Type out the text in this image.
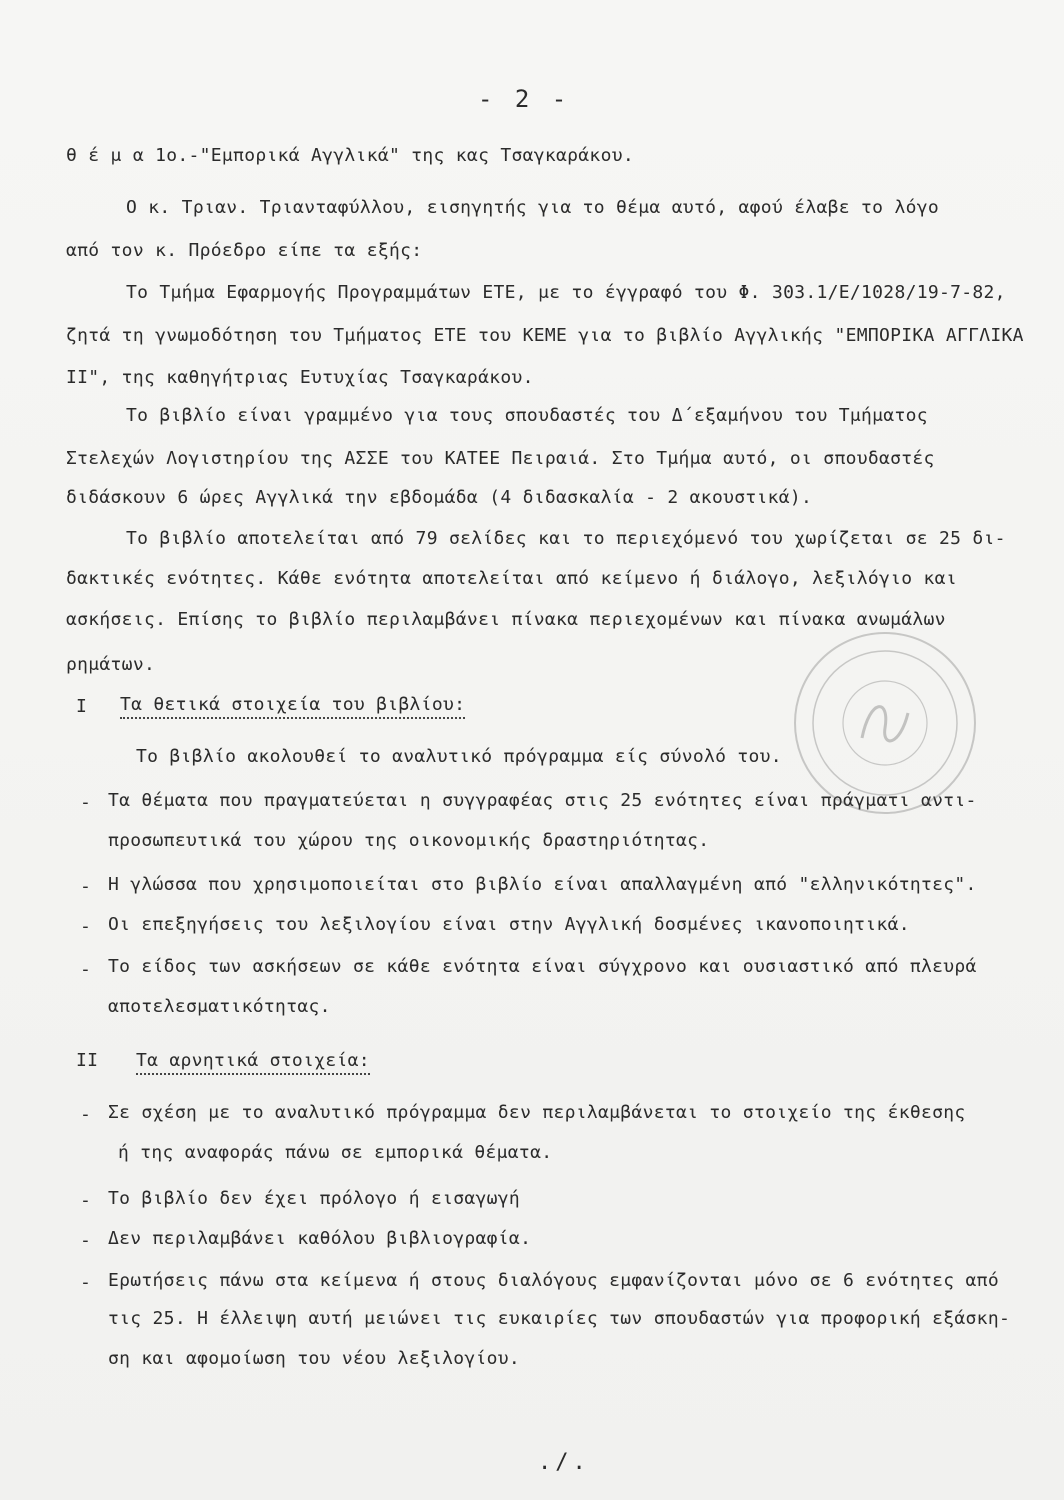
- 2 -
θ έ μ α 1ο.-"Εμπορικά Αγγλικά" της κας Τσαγκαράκου.
Ο κ. Τριαν. Τριανταφύλλου, εισηγητής για το θέμα αυτό, αφού έλαβε το λόγο
από τον κ. Πρόεδρο είπε τα εξής:
Το Τμήμα Εφαρμογής Προγραμμάτων ΕΤΕ, με το έγγραφό του Φ. 303.1/Ε/1028/19-7-82,
ζητά τη γνωμοδότηση του Τμήματος ΕΤΕ του ΚΕΜΕ για το βιβλίο Αγγλικής "ΕΜΠΟΡΙΚΑ ΑΓΓΛΙΚΑ
ΙΙ", της καθηγήτριας Ευτυχίας Τσαγκαράκου.
Το βιβλίο είναι γραμμένο για τους σπουδαστές του Δ΄εξαμήνου του Τμήματος
Στελεχών Λογιστηρίου της ΑΣΣΕ του ΚΑΤΕΕ Πειραιά. Στο Τμήμα αυτό, οι σπουδαστές
διδάσκουν 6 ώρες Αγγλικά την εβδομάδα (4 διδασκαλία - 2 ακουστικά).
Το βιβλίο αποτελείται από 79 σελίδες και το περιεχόμενό του χωρίζεται σε 25 δι-
δακτικές ενότητες. Κάθε ενότητα αποτελείται από κείμενο ή διάλογο, λεξιλόγιο και
ασκήσεις. Επίσης το βιβλίο περιλαμβάνει πίνακα περιεχομένων και πίνακα ανωμάλων
ρημάτων.
Ι Τα θετικά στοιχεία του βιβλίου:
Το βιβλίο ακολουθεί το αναλυτικό πρόγραμμα είς σύνολό του.
- Τα θέματα που πραγματεύεται η συγγραφέας στις 25 ενότητες είναι πράγματι αντι-
προσωπευτικά του χώρου της οικονομικής δραστηριότητας.
- Η γλώσσα που χρησιμοποιείται στο βιβλίο είναι απαλλαγμένη από "ελληνικότητες".
- Οι επεξηγήσεις του λεξιλογίου είναι στην Αγγλική δοσμένες ικανοποιητικά.
- Το είδος των ασκήσεων σε κάθε ενότητα είναι σύγχρονο και ουσιαστικό από πλευρά
αποτελεσματικότητας.
ΙΙ Τα αρνητικά στοιχεία:
- Σε σχέση με το αναλυτικό πρόγραμμα δεν περιλαμβάνεται το στοιχείο της έκθεσης
ή της αναφοράς πάνω σε εμπορικά θέματα.
- Το βιβλίο δεν έχει πρόλογο ή εισαγωγή
- Δεν περιλαμβάνει καθόλου βιβλιογραφία.
- Ερωτήσεις πάνω στα κείμενα ή στους διαλόγους εμφανίζονται μόνο σε 6 ενότητες από
τις 25. Η έλλειψη αυτή μειώνει τις ευκαιρίες των σπουδαστών για προφορική εξάσκη-
ση και αφομοίωση του νέου λεξιλογίου.
./.
